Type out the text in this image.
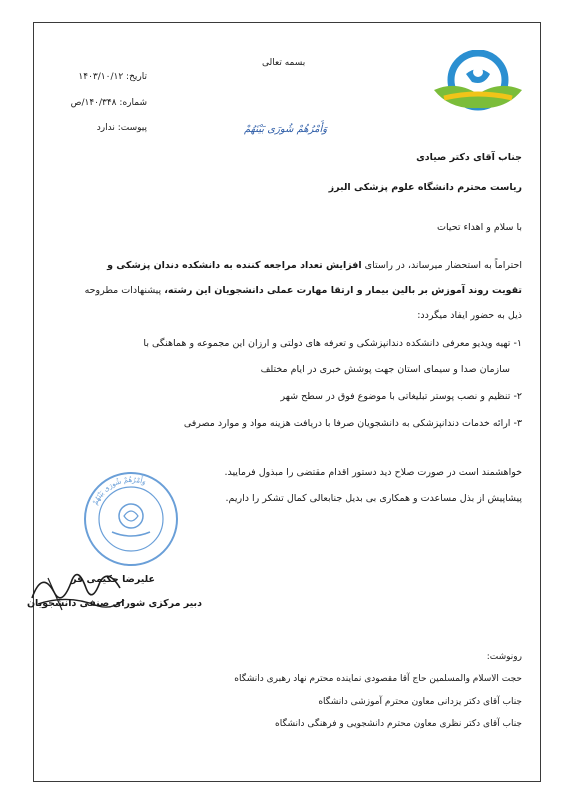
بسمه تعالی
تاریخ: ۱۴۰۳/۱۰/۱۲
شماره: ۱۴۰/۳۴۸/ص
پیوست: ندارد	وَأَمْرُهُمْ شُورَى بَيْنَهُمْ
جناب آقای دکتر صیادی
ریاست محترم دانشگاه علوم پزشکی البرز
با سلام و اهداء تحیات
احتراماً به استحضار میرساند، در راستای افزایش تعداد مراجعه کننده به دانشکده دندان پزشکی و
تقویت روند آموزش بر بالین بیمار و ارتقا مهارت عملی دانشجویان این رشته، پیشنهادات مطروحه
ذیل به حضور ایفاد میگردد:
۱- تهیه ویدیو معرفی دانشکده دندانپزشکی و تعرفه های دولتی و ارزان این مجموعه و هماهنگی با
سازمان صدا و سیمای استان جهت پوشش خبری در ایام مختلف
۲- تنظیم و نصب پوستر تبلیغاتی با موضوع فوق در سطح شهر
۳- ارائه خدمات دندانپزشکی به دانشجویان صرفا با دریافت هزینه مواد و موارد مصرفی
خواهشمند است در صورت صلاح دید دستور اقدام مقتضی را مبذول فرمایید.
پیشاپیش از بذل مساعدت و همکاری بی بدیل جنابعالی کمال تشکر را داریم.
وَأَمْرُهُمْ شُورَى بَيْنَهُمْ
علیرضا حکیمی فر
دبیر مرکزی شورای صنفی دانشجویان
رونوشت:
حجت الاسلام والمسلمین حاج آقا مقصودی نماینده محترم نهاد رهبری دانشگاه
جناب آقای دکتر یزدانی معاون محترم آموزشی دانشگاه
جناب آقای دکتر نظری معاون محترم دانشجویی و فرهنگی دانشگاه
